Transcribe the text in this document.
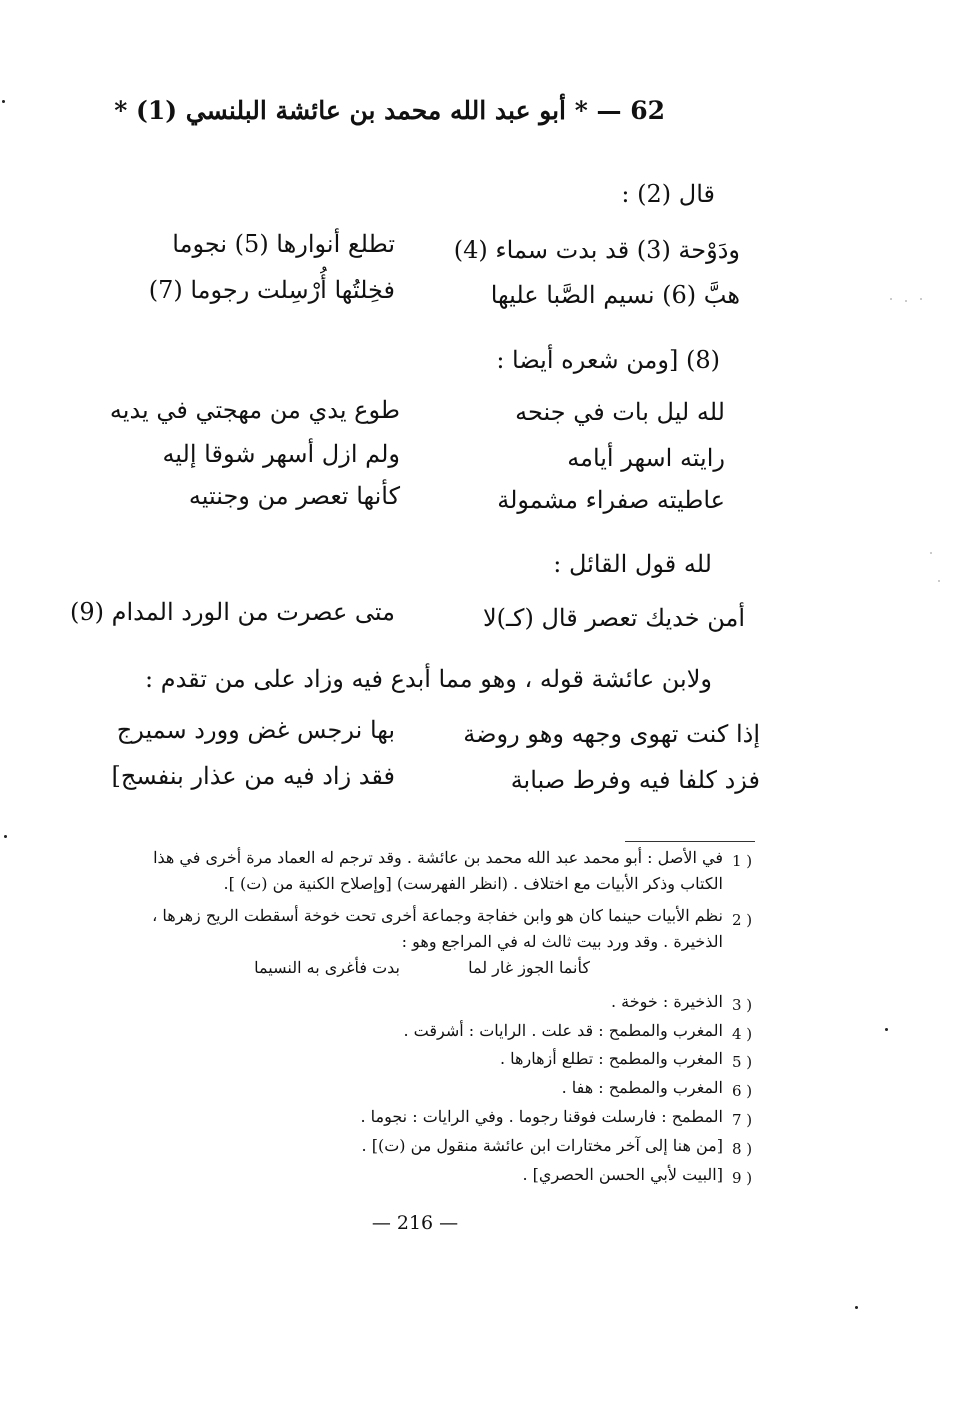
62 — * أبو عبد الله محمد بن عائشة البلنسي (1) *
قال (2) :
ودَوْحة (3) قد بدت سماء (4)
تطلع أنوارها (5) نجوما
هبَّ (6) نسيم الصَّبا عليها
فخِلتُها أُرْسِلت رجوما (7)
(8) [ومن شعره أيضا :
لله ليل بات في جنحه
طوع يدي من مهجتي في يديه
رايته اسهر أيامه
ولم ازل أسهر شوقا إليه
عاطيته صفراء مشمولة
كأنها تعصر من وجنتيه
لله قول القائل :
أمن خديك تعصر قال (كـ)لا
متى عصرت من الورد المدام (9)
ولابن عائشة قوله ، وهو مما أبدع فيه وزاد على من تقدم :
إذا كنت تهوى وجهه وهو روضة
بها نرجس غض وورد سميرج
فزد كلفا فيه وفرط صبابة
فقد زاد فيه من عذار بنفسج]
1 )
في الأصل : أبو محمد عبد الله محمد بن عائشة . وقد ترجم له العماد مرة أخرى في هذا
الكتاب وذكر الأبيات مع اختلاف . (انظر الفهرست) [وإصلاح الكنية من (ت) ].
2 )
نظم الأبيات حينما كان هو وابن خفاجة وجماعة أخرى تحت خوخة أسقطت الريح زهرها ،
الذخيرة . وقد ورد بيت ثالث له في المراجع وهو :
كأنما الجوز غار لما
بدت فأغرى به النسيما
3 )
الذخيرة : خوخة .
4 )
المغرب والمطمح : قد علت . الرايات : أشرقت .
5 )
المغرب والمطمح : تطلع أزهارها .
6 )
المغرب والمطمح : هفا .
7 )
المطمح : فارسلت فوقنا رجوما . وفي الرايات : نجوما .
8 )
[من هنا إلى آخر مختارات ابن عائشة منقول من (ت)] .
9 )
[البيت لأبي الحسن الحصري] .
— 216 —
